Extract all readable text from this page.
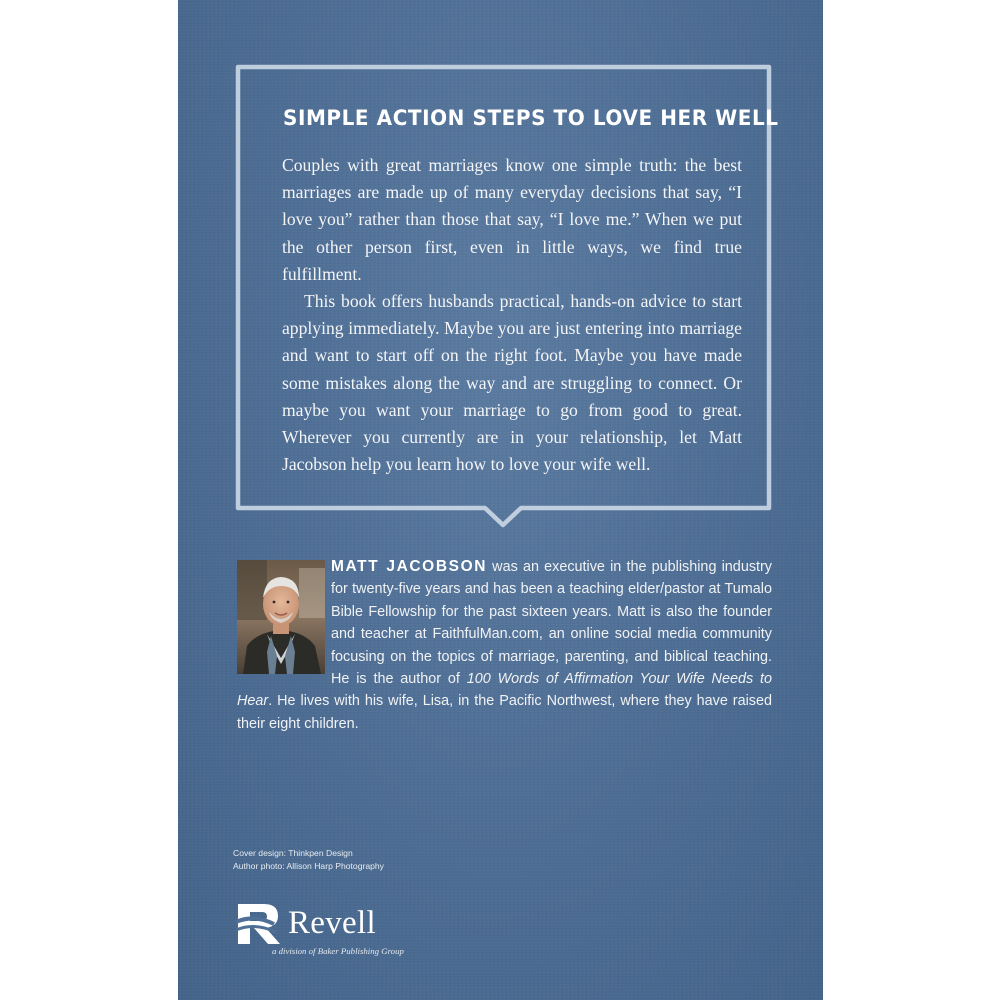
SIMPLE ACTION STEPS TO LOVE HER WELL

Couples with great marriages know one simple truth: the best marriages are made up of many everyday decisions that say, “I love you” rather than those that say, “I love me.” When we put the other person first, even in little ways, we find true fulfillment.

This book offers husbands practical, hands-on advice to start applying immediately. Maybe you are just entering into marriage and want to start off on the right foot. Maybe you have made some mistakes along the way and are struggling to connect. Or maybe you want your marriage to go from good to great. Wherever you currently are in your relationship, let Matt Jacobson help you learn how to love your wife well.

MATT JACOBSON was an executive in the publishing industry for twenty-five years and has been a teaching elder/​pastor at Tumalo Bible Fellowship for the past sixteen years. Matt is also the founder and teacher at FaithfulMan.com, an online social media community focusing on the topics of marriage, parenting, and biblical teaching. He is the author of 100 Words of Affirmation Your Wife Needs to Hear. He lives with his wife, Lisa, in the Pacific Northwest, where they have raised their eight children.
Cover design: Thinkpen Design
Author photo: Allison Harp Photography
Revell
a division of Baker Publishing Group
